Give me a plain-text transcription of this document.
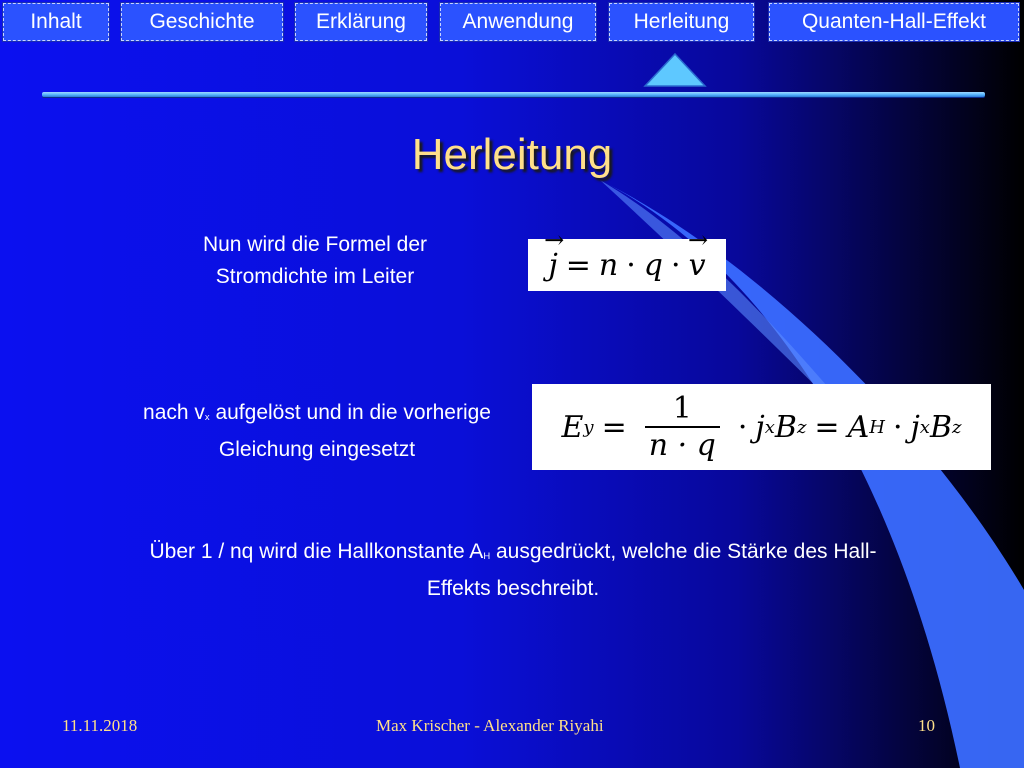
Inhalt	Geschichte	Erklärung	Anwendung	Herleitung	Quanten-Hall-Effekt
Herleitung
Nun wird die Formel der Stromdichte im Leiter	→ j = n · q · → v
nach $v_x$ aufgelöst und in die vorherige Gleichung eingesetzt
E $y = \frac{1}{n \cdot q} \cdot j$ x B z = A H · j x B z
Über 1 / nq wird die Hallkonstante $A_H$ ausgedrückt, welche die Stärke des Hall-Effekts beschreibt.
11.11.2018	Max Krischer - Alexander Riyahi	10
